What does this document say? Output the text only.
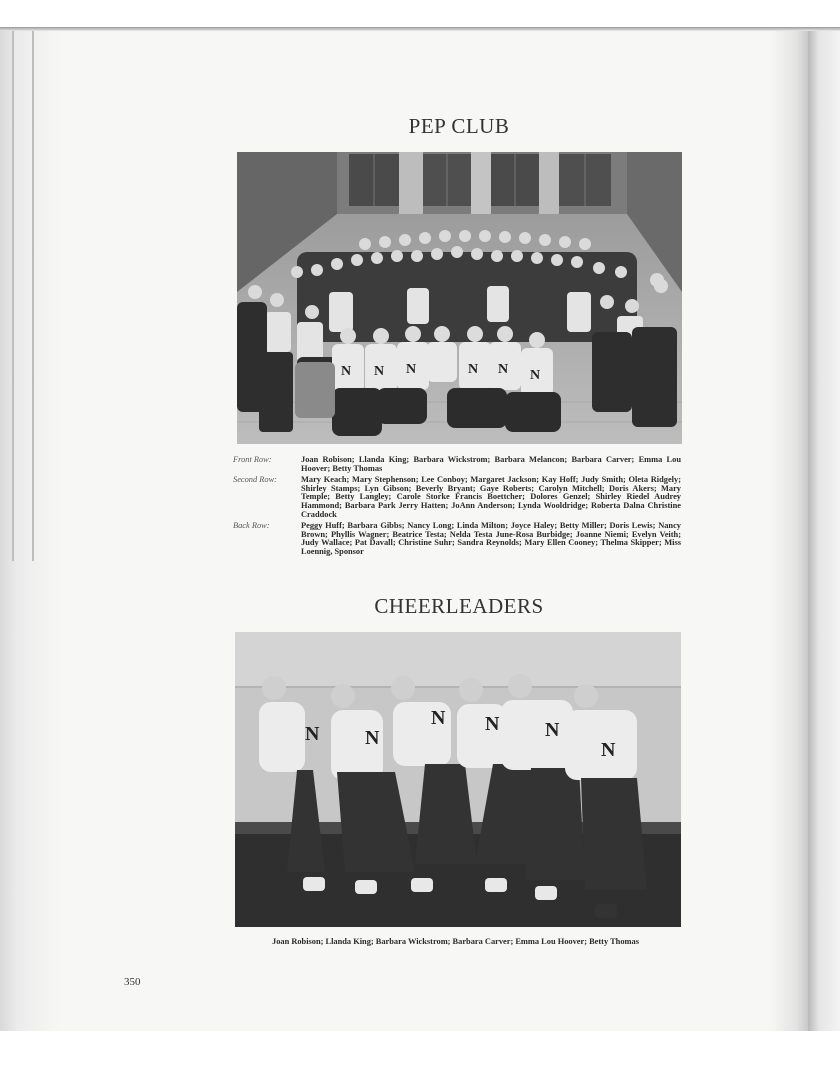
PEP CLUB
N N N	N N N
Front Row:	Joan Robison; Llanda King; Barbara Wickstrom; Barbara Melancon; Barbara Carver; Emma Lou Hoover; Betty Thomas
Second Row:	Mary Keach; Mary Stephenson; Lee Conboy; Margaret Jackson; Kay Hoff; Judy Smith; Oleta Ridgely; Shirley Stamps; Lyn Gibson; Beverly Bryant; Gaye Roberts; Carolyn Mitchell; Doris Akers; Mary Temple; Betty Langley; Carole Storke Francis Boettcher; Dolores Genzel; Shirley Riedel Audrey Hammond; Barbara Park Jerry Hatten; JoAnn Anderson; Lynda Wooldridge; Roberta Dalna Christine Craddock
Back Row:	Peggy Huff; Barbara Gibbs; Nancy Long; Linda Milton; Joyce Haley; Betty Miller; Doris Lewis; Nancy Brown; Phyllis Wagner; Beatrice Testa; Nelda Testa June-Rosa Burbidge; Joanne Niemi; Evelyn Veith; Judy Wallace; Pat Davall; Christine Suhr; Sandra Reynolds; Mary Ellen Cooney; Thelma Skipper; Miss Loennig, Sponsor
CHEERLEADERS
N N
N N N
N
Joan Robison; Llanda King; Barbara Wickstrom; Barbara Carver; Emma Lou Hoover; Betty Thomas
350
